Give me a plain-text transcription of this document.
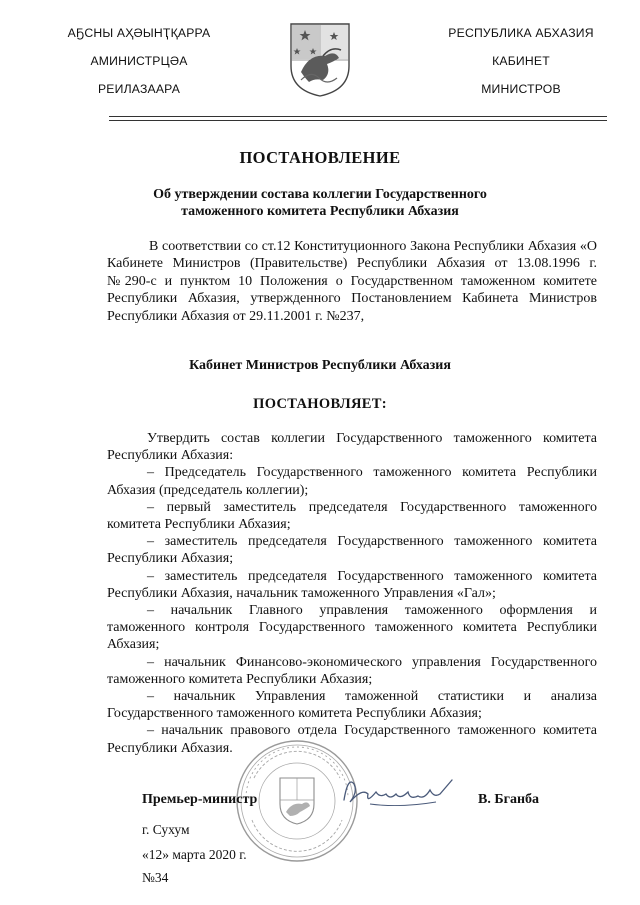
АҔСНЫ АҲӘЫНҬҚАРРА
АМИНИСТРЦӘА
РЕИЛАЗААРА
РЕСПУБЛИКА АБХАЗИЯ
КАБИНЕТ
МИНИСТРОВ
ПОСТАНОВЛЕНИЕ
Об утверждении состава коллегии Государственного
таможенного комитета Республики Абхазия
В соответствии со ст.12 Конституционного Закона Республики Абхазия «О Кабинете Министров (Правительстве) Республики Абхазия от 13.08.1996 г. №290-с и пунктом 10 Положения о Государственном таможенном комитете Республики Абхазия, утвержденного Постановлением Кабинета Министров Республики Абхазия от 29.11.2001 г. №237,
Кабинет Министров Республики Абхазия
ПОСТАНОВЛЯЕТ:

Утвердить состав коллегии Государственного таможенного комитета Республики Абхазия:

– Председатель Государственного таможенного комитета Республики Абхазия (председатель коллегии);

– первый заместитель председателя Государственного таможенного комитета Республики Абхазия;

– заместитель председателя Государственного таможенного комитета Республики Абхазия;

– заместитель председателя Государственного таможенного комитета Республики Абхазия, начальник таможенного Управления «Гал»;

– начальник Главного управления таможенного оформления и таможенного контроля Государственного таможенного комитета Республики Абхазия;

– начальник Финансово-экономического управления Государственного таможенного комитета Республики Абхазия;

– начальник Управления таможенной статистики и анализа Государственного таможенного комитета Республики Абхазия;

– начальник правового отдела Государственного таможенного комитета Республики Абхазия.

Премьер-министр	В. Бганба
г. Сухум
«12» марта 2020 г.
№34
